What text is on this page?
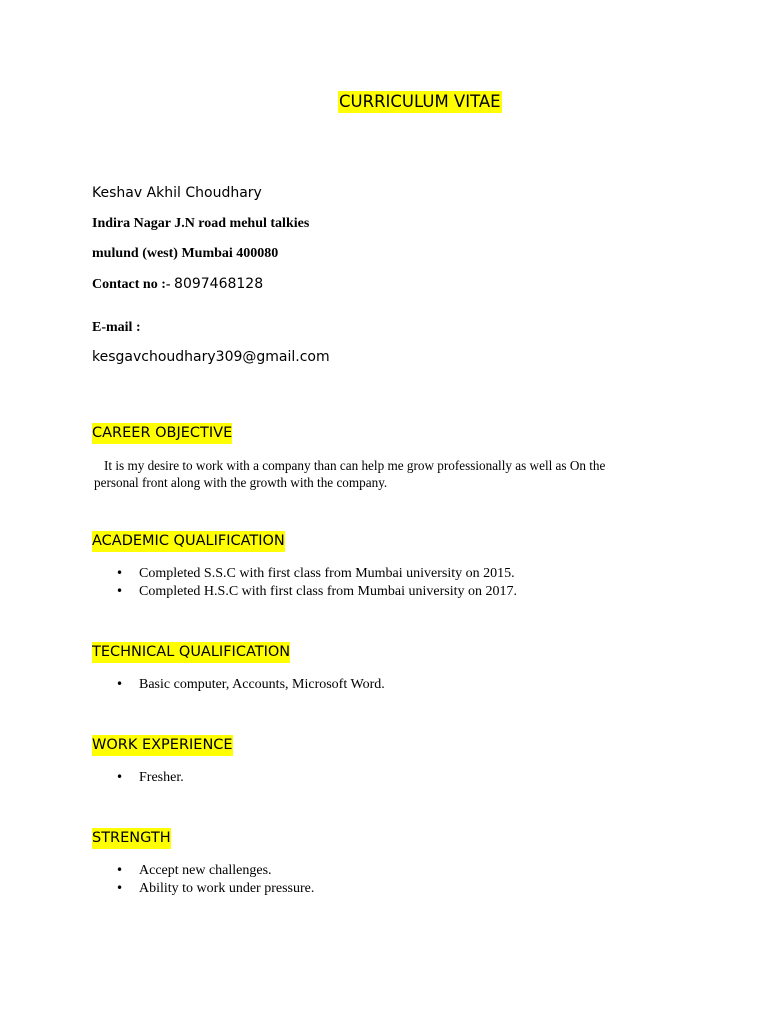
CURRICULUM VITAE
Keshav Akhil Choudhary
Indira Nagar J.N road mehul talkies
mulund (west) Mumbai 400080
Contact no :- 8097468128
E-mail :
kesgavchoudhary309@gmail.com
CAREER OBJECTIVE
It is my desire to work with a company than can help me grow professionally as well as On the personal front along with the growth with the company.
ACADEMIC QUALIFICATION
• Completed S.S.C with first class from Mumbai university on 2015.
• Completed H.S.C with first class from Mumbai university on 2017.
TECHNICAL QUALIFICATION
• Basic computer, Accounts, Microsoft Word.
WORK EXPERIENCE
• Fresher.
STRENGTH
• Accept new challenges.
• Ability to work under pressure.
